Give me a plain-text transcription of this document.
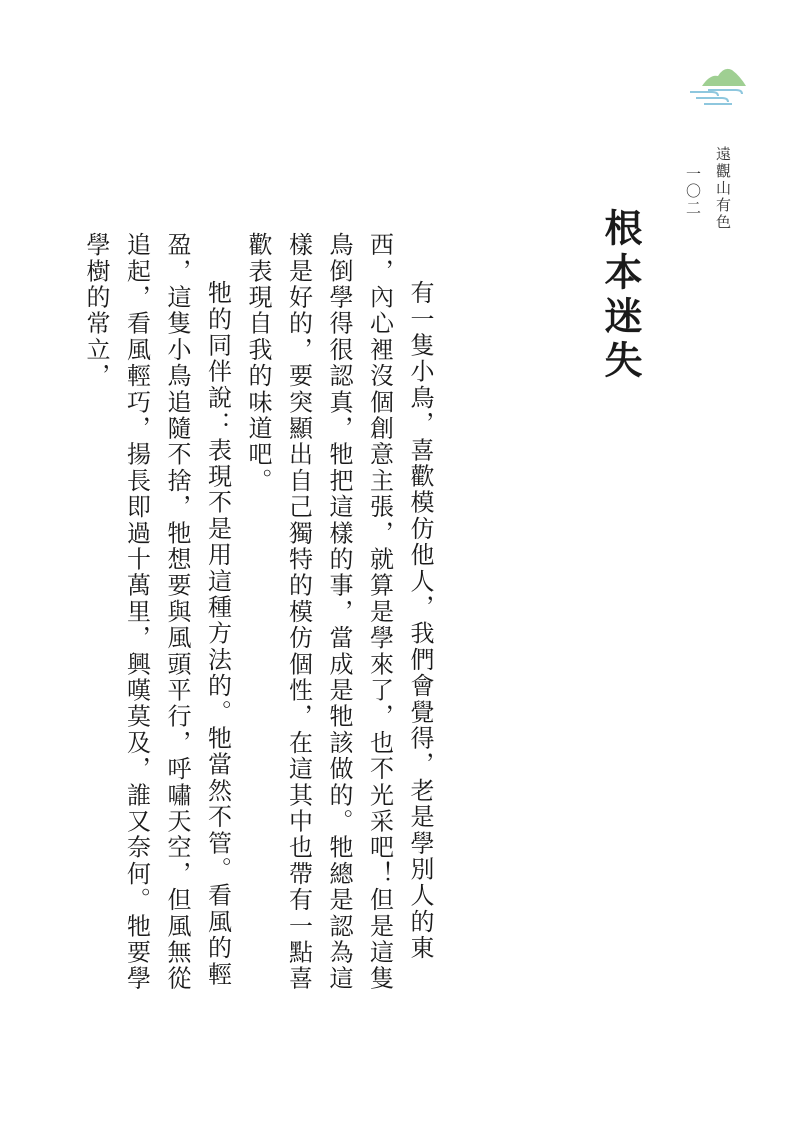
遠觀山有色
一〇二
根本迷失

有一隻小鳥，喜歡模仿他人，我們會覺得，老是學別人的東西，內心裡沒個創意主張，就算是學來了，也不光采吧！但是這隻鳥倒學得很認真，牠把這樣的事，當成是牠該做的。牠總是認為這樣是好的，要突顯出自己獨特的模仿個性，在這其中也帶有一點喜歡表現自我的味道吧。

牠的同伴說：表現不是用這種方法的。牠當然不管。看風的輕盈，這隻小鳥追隨不捨，牠想要與風頭平行，呼嘯天空，但風無從追起，看風輕巧，揚長即過十萬里，興嘆莫及，誰又奈何。牠要學學樹的常立，
